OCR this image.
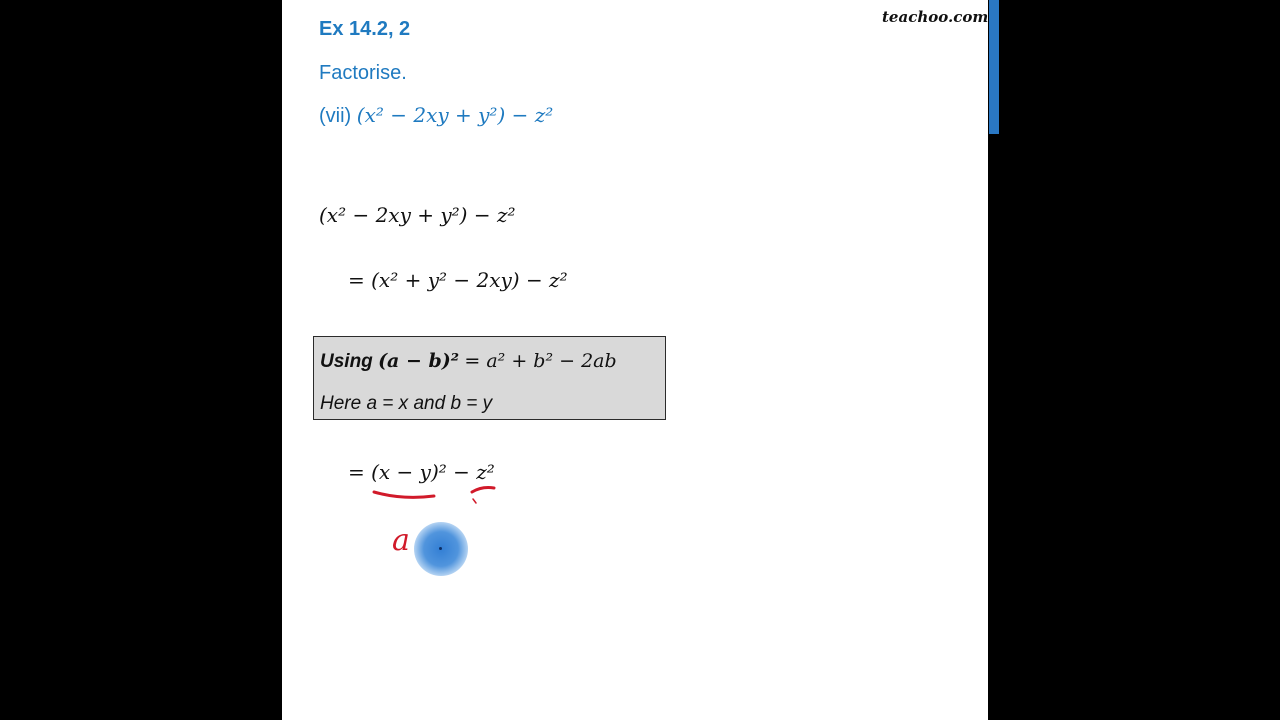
teachoo.com
Ex 14.2, 2
Factorise.
(vii) (x² − 2xy + y²) − z²
(x² − 2xy + y²) − z²
= (x² + y² − 2xy) − z²
Using (a − b)² = a² + b² − 2ab
Here a = x and b = y
= (x − y)² − z²
a
